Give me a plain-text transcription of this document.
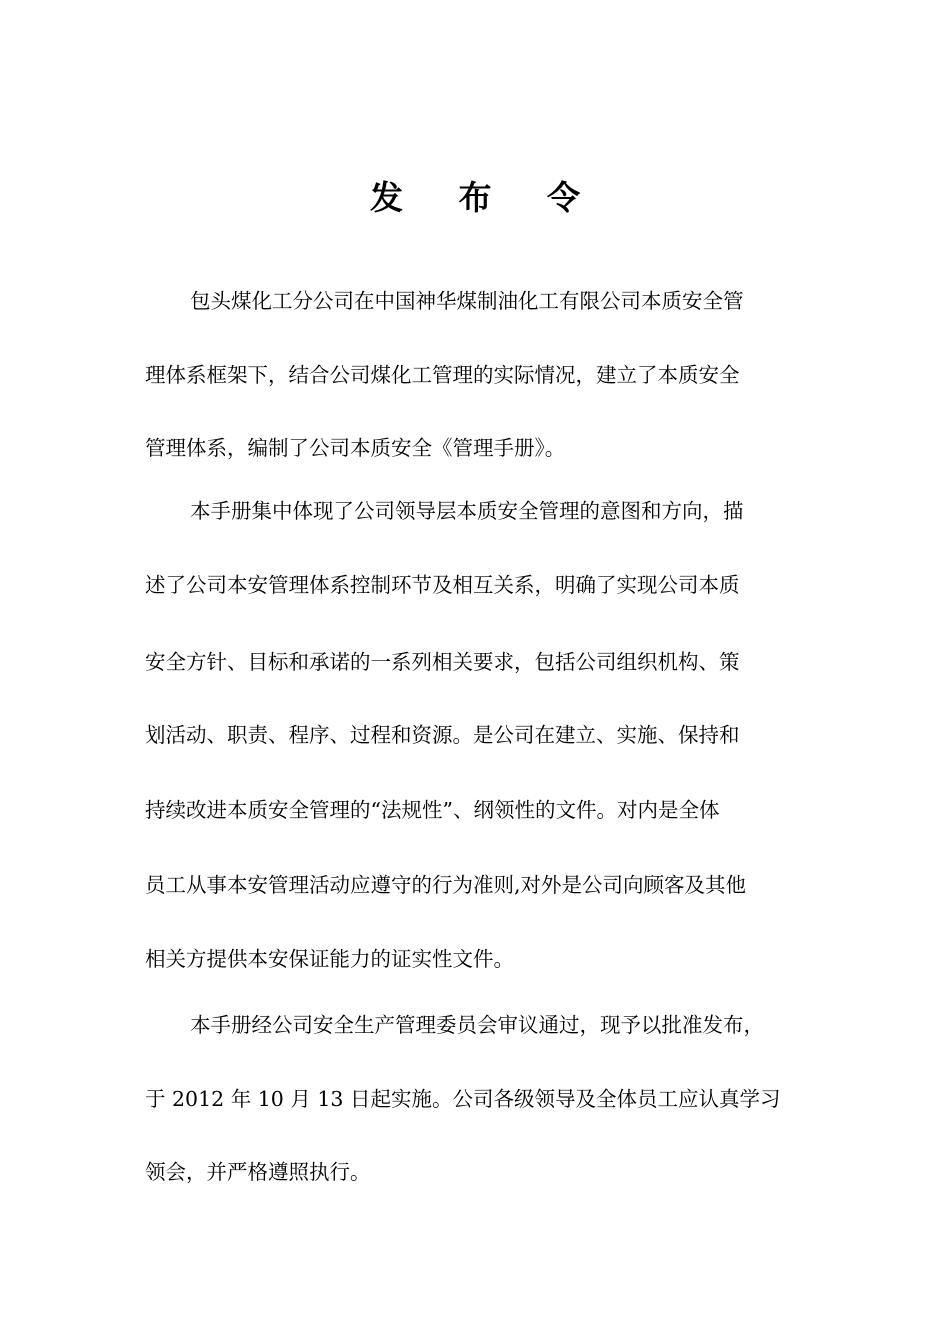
发 布 令
包头煤化工分公司在中国神华煤制油化工有限公司本质安全管
理体系框架下，结合公司煤化工管理的实际情况，建立了本质安全
管理体系，编制了公司本质安全《管理手册》。
本手册集中体现了公司领导层本质安全管理的意图和方向，描
述了公司本安管理体系控制环节及相互关系，明确了实现公司本质
安全方针、目标和承诺的一系列相关要求，包括公司组织机构、策
划活动、职责、程序、过程和资源。是公司在建立、实施、保持和
持续改进本质安全管理的“法规性”、纲领性的文件。对内是全体
员工从事本安管理活动应遵守的行为准则,对外是公司向顾客及其他
相关方提供本安保证能力的证实性文件。
本手册经公司安全生产管理委员会审议通过，现予以批准发布，
于 2012 年 10 月 13 日起实施。公司各级领导及全体员工应认真学习
领会，并严格遵照执行。
